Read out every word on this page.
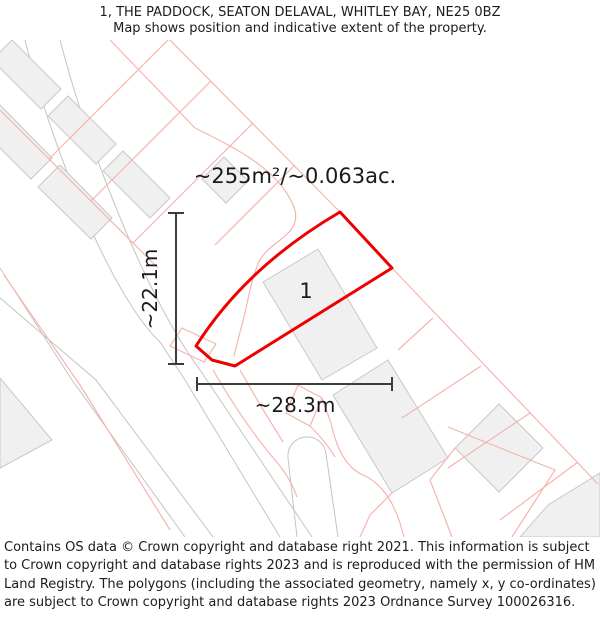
1, THE PADDOCK, SEATON DELAVAL, WHITLEY BAY, NE25 0BZ
Map shows position and indicative extent of the property.
~255m²/~0.063ac.
1
~22.1m
~28.3m
Contains OS data © Crown copyright and database right 2021. This information is subject to Crown copyright and database rights 2023 and is reproduced with the permission of HM Land Registry. The polygons (including the associated geometry, namely x, y co-ordinates) are subject to Crown copyright and database rights 2023 Ordnance Survey 100026316.
